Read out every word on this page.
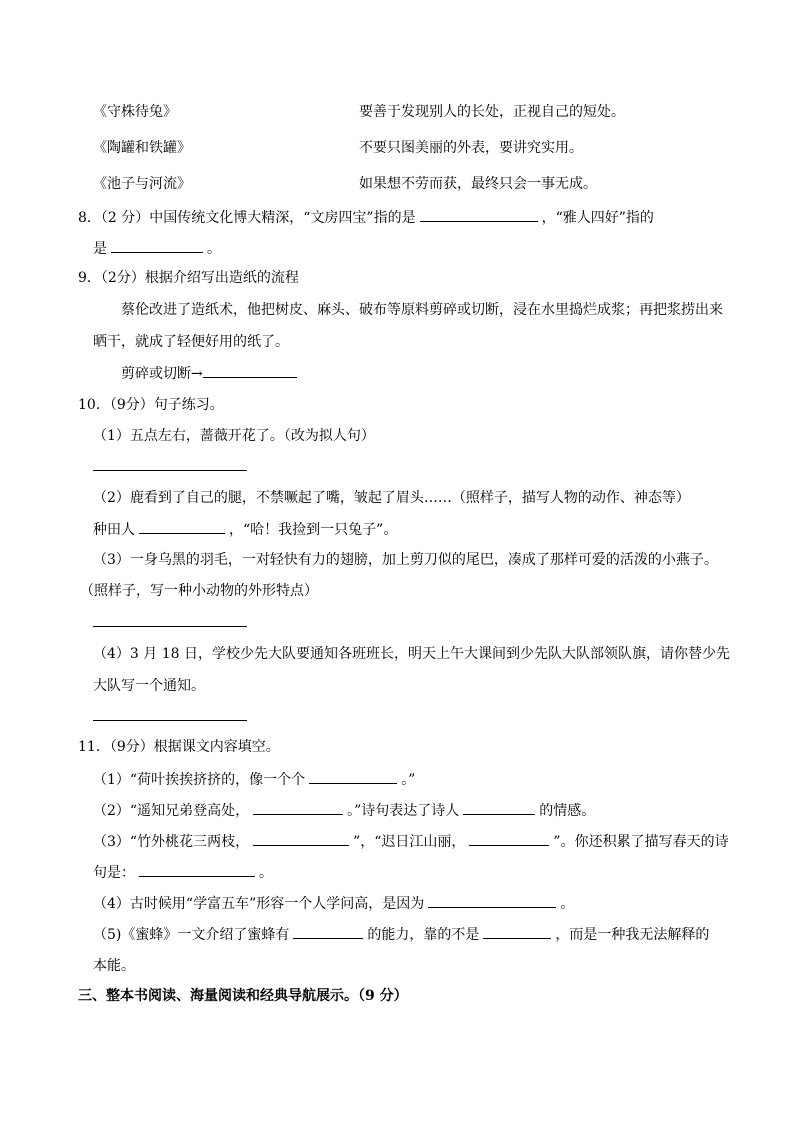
《守株待兔》	要善于发现别人的长处，正视自己的短处。
《陶罐和铁罐》	不要只图美丽的外表，要讲究实用。
《池子与河流》	如果想不劳而获，最终只会一事无成。
8．（2 分）中国传统文化博大精深，“文房四宝”指的是	，“雅人四好”指的
是	。
9．（2分）根据介绍写出造纸的流程
蔡伦改进了造纸术，他把树皮、麻头、破布等原料剪碎或切断，浸在水里捣烂成浆；再把浆捞出来
晒干，就成了轻便好用的纸了。
剪碎或切断→
10．（9分）句子练习。
（1）五点左右，蔷薇开花了。（改为拟人句）
（2）鹿看到了自己的腿，不禁噘起了嘴，皱起了眉头……（照样子，描写人物的动作、神态等）
种田人	，“哈！我捡到一只兔子”。
（3）一身乌黑的羽毛，一对轻快有力的翅膀，加上剪刀似的尾巴，凑成了那样可爱的活泼的小燕子。
（照样子，写一种小动物的外形特点）
（4）3 月 18 日，学校少先大队要通知各班班长，明天上午大课间到少先队大队部领队旗，请你替少先
大队写一个通知。
11．（9分）根据课文内容填空。
（1）“荷叶挨挨挤挤的，像一个个	。”
（2）“遥知兄弟登高处，	。”诗句表达了诗人	的情感。
（3）“竹外桃花三两枝，	”，“迟日江山丽，	”。你还积累了描写春天的诗
句是：	。
（4）古时候用“学富五车”形容一个人学问高，是因为	。
（5)《蜜蜂》一文介绍了蜜蜂有	的能力，靠的不是	，而是一种我无法解释的
本能。
三、整本书阅读、海量阅读和经典导航展示。（9 分）
